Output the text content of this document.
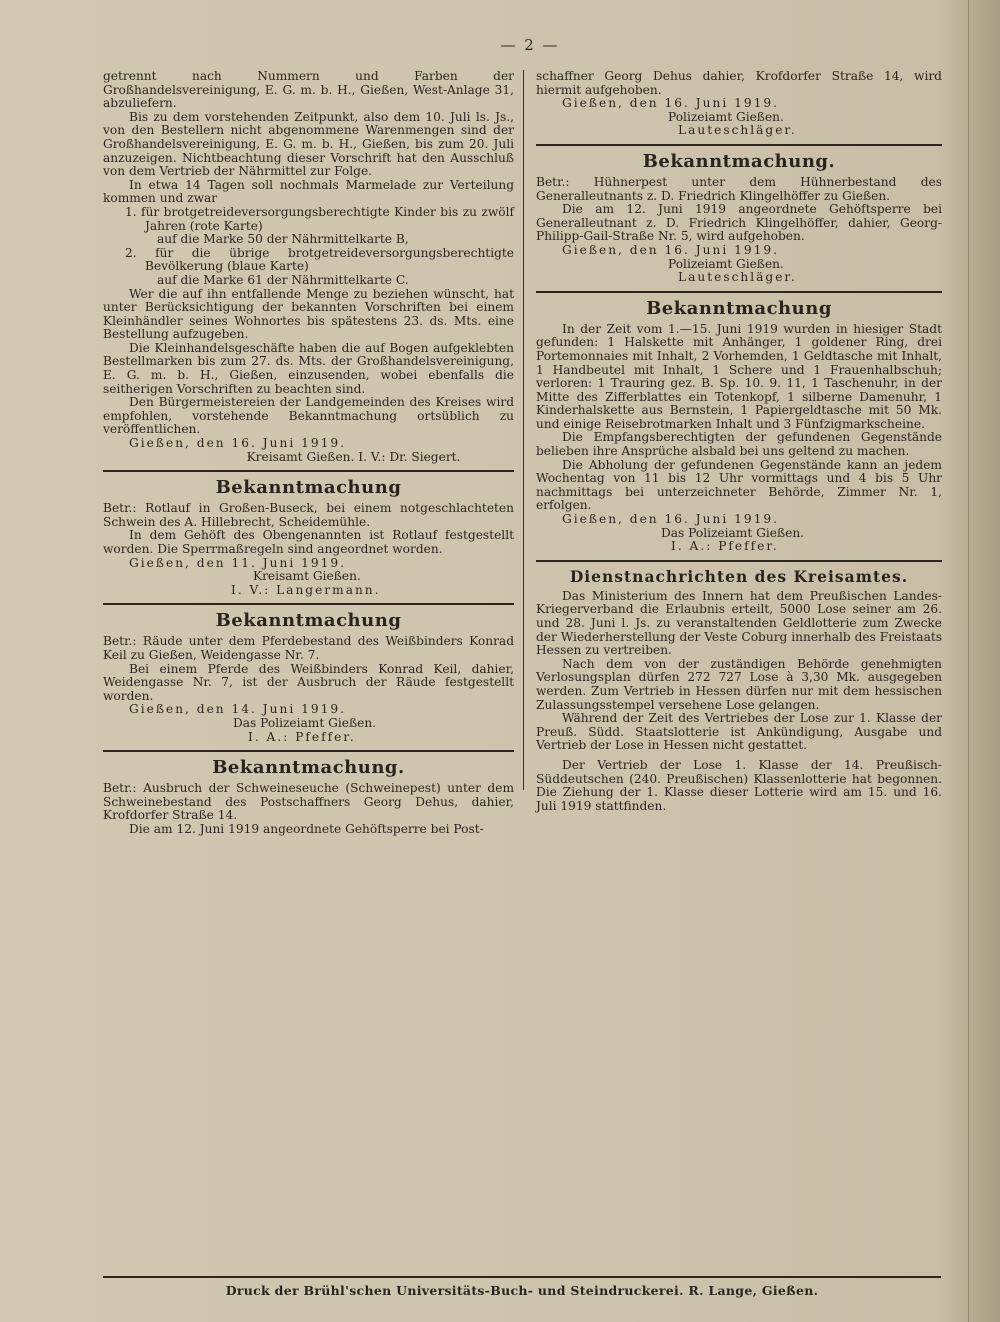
— 2 —

getrennt nach Nummern und Farben der Großhandelsvereinigung, E. G. m. b. H., Gießen, West-Anlage 31, abzuliefern.

Bis zu dem vorstehenden Zeitpunkt, also dem 10. Juli ls. Js., von den Bestellern nicht abgenommene Warenmengen sind der Großhandelsvereinigung, E. G. m. b. H., Gießen, bis zum 20. Juli anzuzeigen. Nichtbeachtung dieser Vorschrift hat den Ausschluß von dem Vertrieb der Nährmittel zur Folge.

In etwa 14 Tagen soll nochmals Marmelade zur Verteilung kommen und zwar

1. für brotgetreideversorgungsberechtigte Kinder bis zu zwölf Jahren (rote Karte)

auf die Marke 50 der Nährmittelkarte B,

2. für die übrige brotgetreideversorgungsberechtigte Bevölkerung (blaue Karte)

auf die Marke 61 der Nährmittelkarte C.

Wer die auf ihn entfallende Menge zu beziehen wünscht, hat unter Berücksichtigung der bekannten Vorschriften bei einem Kleinhändler seines Wohnortes bis spätestens 23. ds. Mts. eine Bestellung aufzugeben.

Die Kleinhandelsgeschäfte haben die auf Bogen aufgeklebten Bestellmarken bis zum 27. ds. Mts. der Großhandelsvereinigung, E. G. m. b. H., Gießen, einzusenden, wobei ebenfalls die seitherigen Vorschriften zu beachten sind.

Den Bürgermeistereien der Landgemeinden des Kreises wird empfohlen, vorstehende Bekanntmachung ortsüblich zu veröffentlichen.

Gießen, den 16. Juni 1919.

Kreisamt Gießen. I. V.: Dr. Siegert.

Bekanntmachung

Betr.: Rotlauf in Großen-Buseck, bei einem notgeschlachteten Schwein des A. Hillebrecht, Scheidemühle.

In dem Gehöft des Obengenannten ist Rotlauf festgestellt worden. Die Sperrmaßregeln sind angeordnet worden.

Gießen, den 11. Juni 1919.

Kreisamt Gießen.

I. V.: Langermann.

Bekanntmachung

Betr.: Räude unter dem Pferdebestand des Weißbinders Konrad Keil zu Gießen, Weidengasse Nr. 7.

Bei einem Pferde des Weißbinders Konrad Keil, dahier, Weidengasse Nr. 7, ist der Ausbruch der Räude festgestellt worden.

Gießen, den 14. Juni 1919.

Das Polizeiamt Gießen.

I. A.: Pfeffer.

Bekanntmachung.

Betr.: Ausbruch der Schweineseuche (Schweinepest) unter dem Schweinebestand des Postschaffners Georg Dehus, dahier, Krofdorfer Straße 14.

Die am 12. Juni 1919 angeordnete Gehöftsperre bei Post-

schaffner Georg Dehus dahier, Krofdorfer Straße 14, wird hiermit aufgehoben.

Gießen, den 16. Juni 1919.

Polizeiamt Gießen.

Lauteschläger.

Bekanntmachung.

Betr.: Hühnerpest unter dem Hühnerbestand des Generalleutnants z. D. Friedrich Klingelhöffer zu Gießen.

Die am 12. Juni 1919 angeordnete Gehöftsperre bei Generalleutnant z. D. Friedrich Klingelhöffer, dahier, Georg-Philipp-Gail-Straße Nr. 5, wird aufgehoben.

Gießen, den 16. Juni 1919.

Polizeiamt Gießen.

Lauteschläger.

Bekanntmachung

In der Zeit vom 1.—15. Juni 1919 wurden in hiesiger Stadt gefunden: 1 Halskette mit Anhänger, 1 goldener Ring, drei Portemonnaies mit Inhalt, 2 Vorhemden, 1 Geldtasche mit Inhalt, 1 Handbeutel mit Inhalt, 1 Schere und 1 Frauenhalbschuh; verloren: 1 Trauring gez. B. Sp. 10. 9. 11, 1 Taschenuhr, in der Mitte des Zifferblattes ein Totenkopf, 1 silberne Damenuhr, 1 Kinderhalskette aus Bernstein, 1 Papiergeldtasche mit 50 Mk. und einige Reisebrotmarken Inhalt und 3 Fünfzigmarkscheine.

Die Empfangsberechtigten der gefundenen Gegenstände belieben ihre Ansprüche alsbald bei uns geltend zu machen.

Die Abholung der gefundenen Gegenstände kann an jedem Wochentag von 11 bis 12 Uhr vormittags und 4 bis 5 Uhr nachmittags bei unterzeichneter Behörde, Zimmer Nr. 1, erfolgen.

Gießen, den 16. Juni 1919.

Das Polizeiamt Gießen.

I. A.: Pfeffer.

Dienstnachrichten des Kreisamtes.

Das Ministerium des Innern hat dem Preußischen Landes-Kriegerverband die Erlaubnis erteilt, 5000 Lose seiner am 26. und 28. Juni l. Js. zu veranstaltenden Geldlotterie zum Zwecke der Wiederherstellung der Veste Coburg innerhalb des Freistaats Hessen zu vertreiben.

Nach dem von der zuständigen Behörde genehmigten Verlosungsplan dürfen 272 727 Lose à 3,30 Mk. ausgegeben werden. Zum Vertrieb in Hessen dürfen nur mit dem hessischen Zulassungsstempel versehene Lose gelangen.

Während der Zeit des Vertriebes der Lose zur 1. Klasse der Preuß. Südd. Staatslotterie ist Ankündigung, Ausgabe und Vertrieb der Lose in Hessen nicht gestattet.

Der Vertrieb der Lose 1. Klasse der 14. Preußisch-Süddeutschen (240. Preußischen) Klassenlotterie hat begonnen. Die Ziehung der 1. Klasse dieser Lotterie wird am 15. und 16. Juli 1919 stattfinden.

Druck der Brühl'schen Universitäts-Buch- und Steindruckerei. R. Lange, Gießen.
